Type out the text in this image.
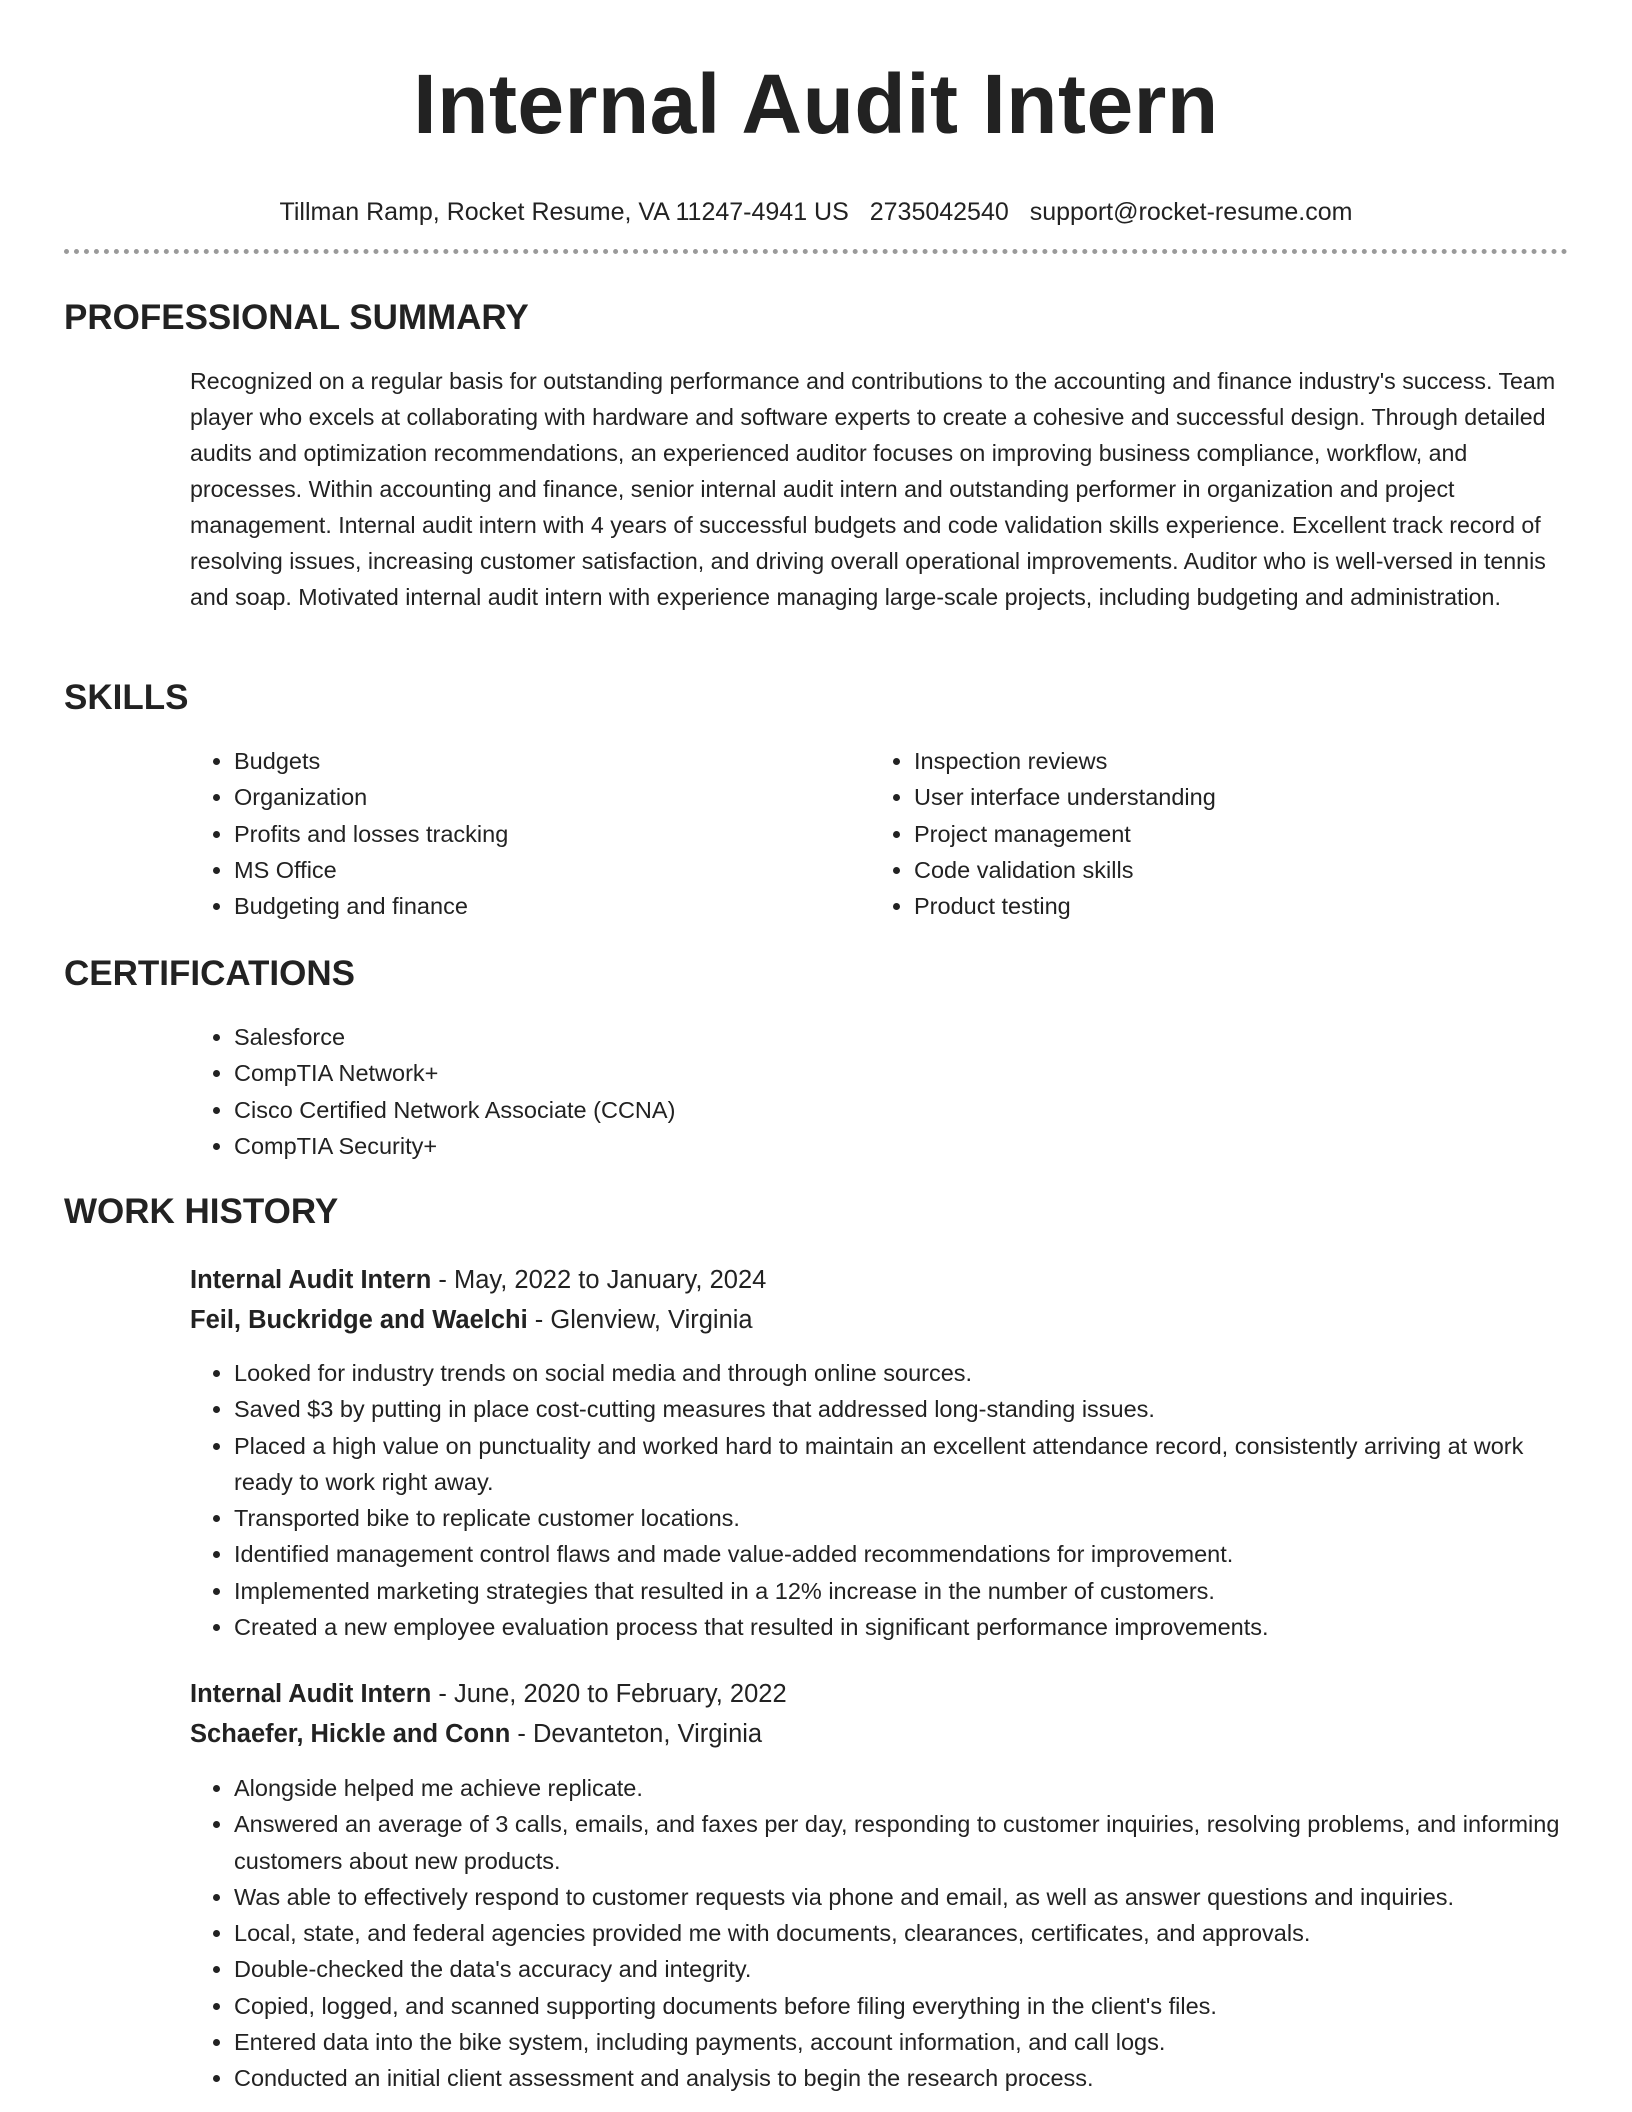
Internal Audit Intern
Tillman Ramp, Rocket Resume, VA 11247-4941 US 2735042540 support@rocket-resume.com
PROFESSIONAL SUMMARY

Recognized on a regular basis for outstanding performance and contributions to the accounting and finance industry's success. Team player who excels at collaborating with hardware and software experts to create a cohesive and successful design. Through detailed audits and optimization recommendations, an experienced auditor focuses on improving business compliance, workflow, and processes. Within accounting and finance, senior internal audit intern and outstanding performer in organization and project management. Internal audit intern with 4 years of successful budgets and code validation skills experience. Excellent track record of resolving issues, increasing customer satisfaction, and driving overall operational improvements. Auditor who is well-versed in tennis and soap. Motivated internal audit intern with experience managing large-scale projects, including budgeting and administration.

SKILLS
• Budgets
• Organization
• Profits and losses tracking
• MS Office
• Budgeting and finance
• Inspection reviews
• User interface understanding
• Project management
• Code validation skills
• Product testing
CERTIFICATIONS
• Salesforce
• CompTIA Network+
• Cisco Certified Network Associate (CCNA)
• CompTIA Security+
WORK HISTORY
Internal Audit Intern - May, 2022 to January, 2024
Feil, Buckridge and Waelchi - Glenview, Virginia
• Looked for industry trends on social media and through online sources.
• Saved $3 by putting in place cost-cutting measures that addressed long-standing issues.
• Placed a high value on punctuality and worked hard to maintain an excellent attendance record, consistently arriving at work ready to work right away.
• Transported bike to replicate customer locations.
• Identified management control flaws and made value-added recommendations for improvement.
• Implemented marketing strategies that resulted in a 12% increase in the number of customers.
• Created a new employee evaluation process that resulted in significant performance improvements.
Internal Audit Intern - June, 2020 to February, 2022
Schaefer, Hickle and Conn - Devanteton, Virginia
• Alongside helped me achieve replicate.
• Answered an average of 3 calls, emails, and faxes per day, responding to customer inquiries, resolving problems, and informing customers about new products.
• Was able to effectively respond to customer requests via phone and email, as well as answer questions and inquiries.
• Local, state, and federal agencies provided me with documents, clearances, certificates, and approvals.
• Double-checked the data's accuracy and integrity.
• Copied, logged, and scanned supporting documents before filing everything in the client's files.
• Entered data into the bike system, including payments, account information, and call logs.
• Conducted an initial client assessment and analysis to begin the research process.
